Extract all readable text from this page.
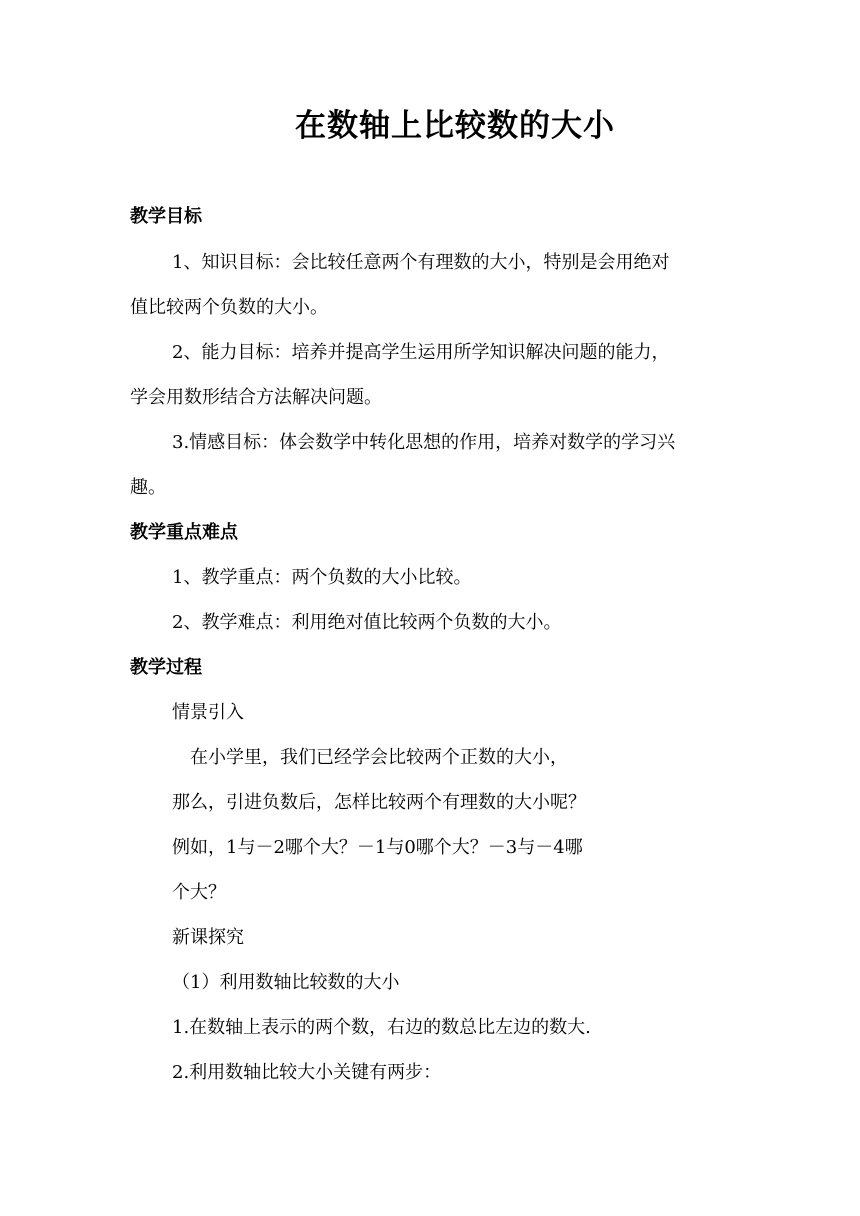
在数轴上比较数的大小
教学目标
1、知识目标：会比较任意两个有理数的大小，特别是会用绝对
值比较两个负数的大小。
2、能力目标：培养并提高学生运用所学知识解决问题的能力，
学会用数形结合方法解决问题。
3.情感目标：体会数学中转化思想的作用，培养对数学的学习兴
趣。
教学重点难点
1、教学重点：两个负数的大小比较。
2、教学难点：利用绝对值比较两个负数的大小。
教学过程
情景引入
在小学里，我们已经学会比较两个正数的大小，
那么，引进负数后，怎样比较两个有理数的大小呢？
例如，1与－2哪个大？－1与0哪个大？－3与－4哪
个大？
新课探究
（1）利用数轴比较数的大小
1.在数轴上表示的两个数，右边的数总比左边的数大.
2.利用数轴比较大小关键有两步：
